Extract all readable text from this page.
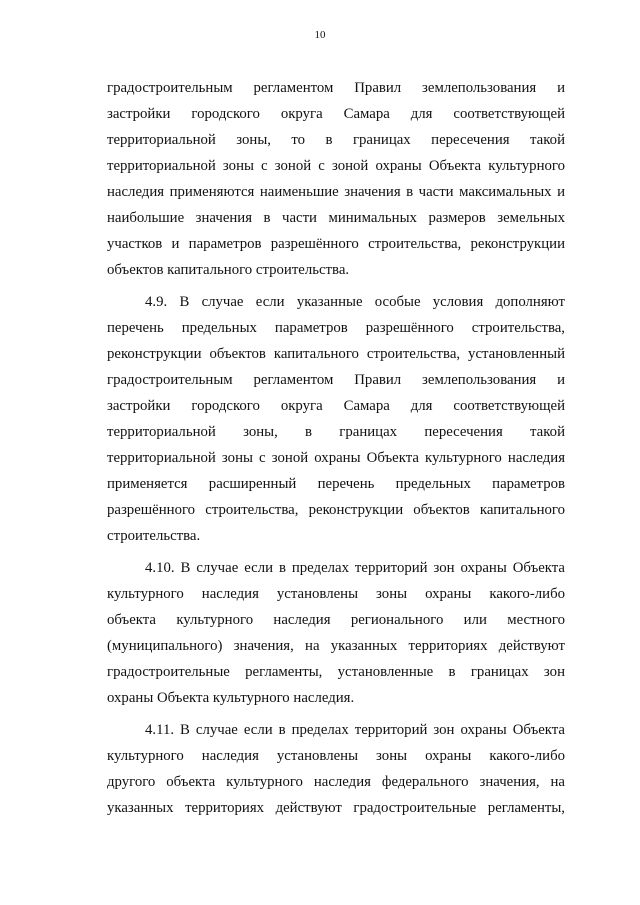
10
градостроительным регламентом Правил землепользования и
застройки городского округа Самара для соответствующей
территориальной зоны, то в границах пересечения такой
территориальной зоны с зоной с зоной охраны Объекта культурного
наследия применяются наименьшие значения в части максимальных и
наибольшие значения в части минимальных размеров земельных
участков и параметров разрешённого строительства, реконструкции
объектов капитального строительства.
4.9. В случае если указанные особые условия дополняют
перечень предельных параметров разрешённого строительства,
реконструкции объектов капитального строительства, установленный
градостроительным регламентом Правил землепользования и
застройки городского округа Самара для соответствующей
территориальной зоны, в границах пересечения такой
территориальной зоны с зоной охраны Объекта культурного наследия
применяется расширенный перечень предельных параметров
разрешённого строительства, реконструкции объектов капитального
строительства.
4.10. В случае если в пределах территорий зон охраны Объекта
культурного наследия установлены зоны охраны какого-либо
объекта культурного наследия регионального или местного
(муниципального) значения, на указанных территориях действуют
градостроительные регламенты, установленные в границах зон
охраны Объекта культурного наследия.
4.11. В случае если в пределах территорий зон охраны Объекта
культурного наследия установлены зоны охраны какого-либо
другого объекта культурного наследия федерального значения, на
указанных территориях действуют градостроительные регламенты,
